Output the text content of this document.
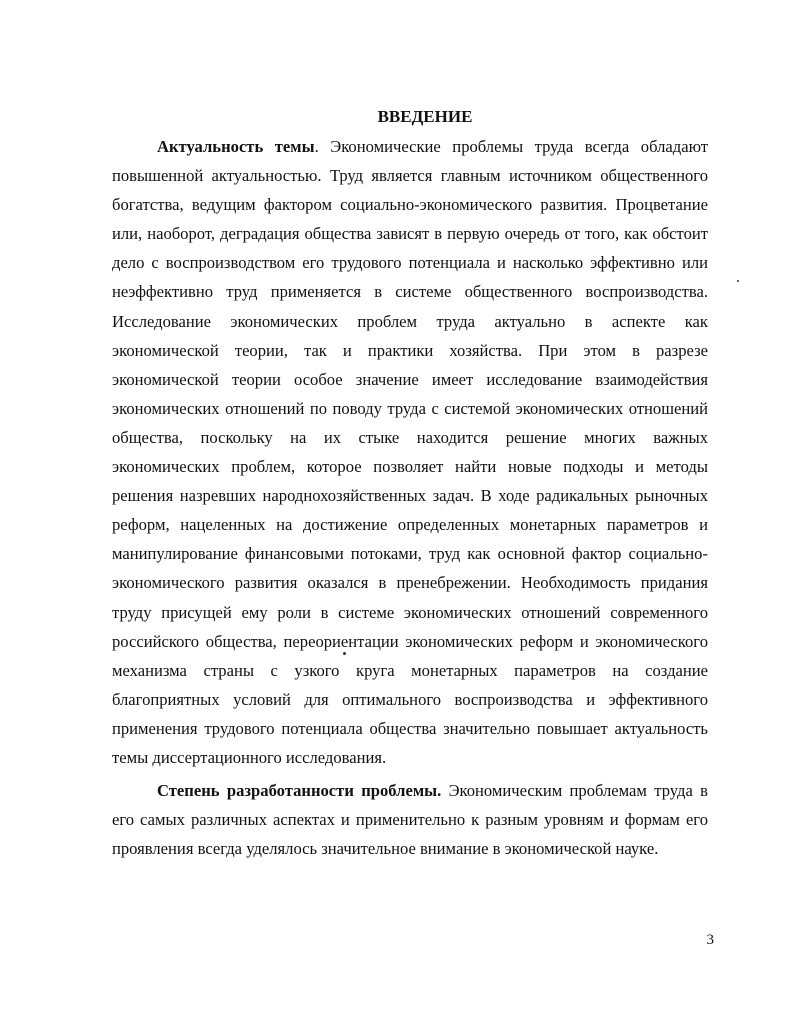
ВВЕДЕНИЕ

Актуальность темы. Экономические проблемы труда всегда обладают повышенной актуальностью. Труд является главным источником общественного богатства, ведущим фактором социально-экономического развития. Процветание или, наоборот, деградация общества зависят в первую очередь от того, как обстоит дело с воспроизводством его трудового потенциала и насколько эффективно или неэффективно труд применяется в системе общественного воспроизводства. Исследование экономических проблем труда актуально в аспекте как экономической теории, так и практики хозяйства. При этом в разрезе экономической теории особое значение имеет исследование взаимодействия экономических отношений по поводу труда с системой экономических отношений общества, поскольку на их стыке находится решение многих важных экономических проблем, которое позволяет найти новые подходы и методы решения назревших народнохозяйственных задач. В ходе радикальных рыночных реформ, нацеленных на достижение определенных монетарных параметров и манипулирование финансовыми потоками, труд как основной фактор социально-экономического развития оказался в пренебрежении. Необходимость придания труду присущей ему роли в системе экономических отношений современного российского общества, переориентации экономических реформ и экономического механизма страны с узкого круга монетарных параметров на создание благоприятных условий для оптимального воспроизводства и эффективного применения трудового потенциала общества значительно повышает актуальность темы диссертационного исследования.

Степень разработанности проблемы. Экономическим проблемам труда в его самых различных аспектах и применительно к разным уровням и формам его проявления всегда уделялось значительное внимание в экономической науке.

3
